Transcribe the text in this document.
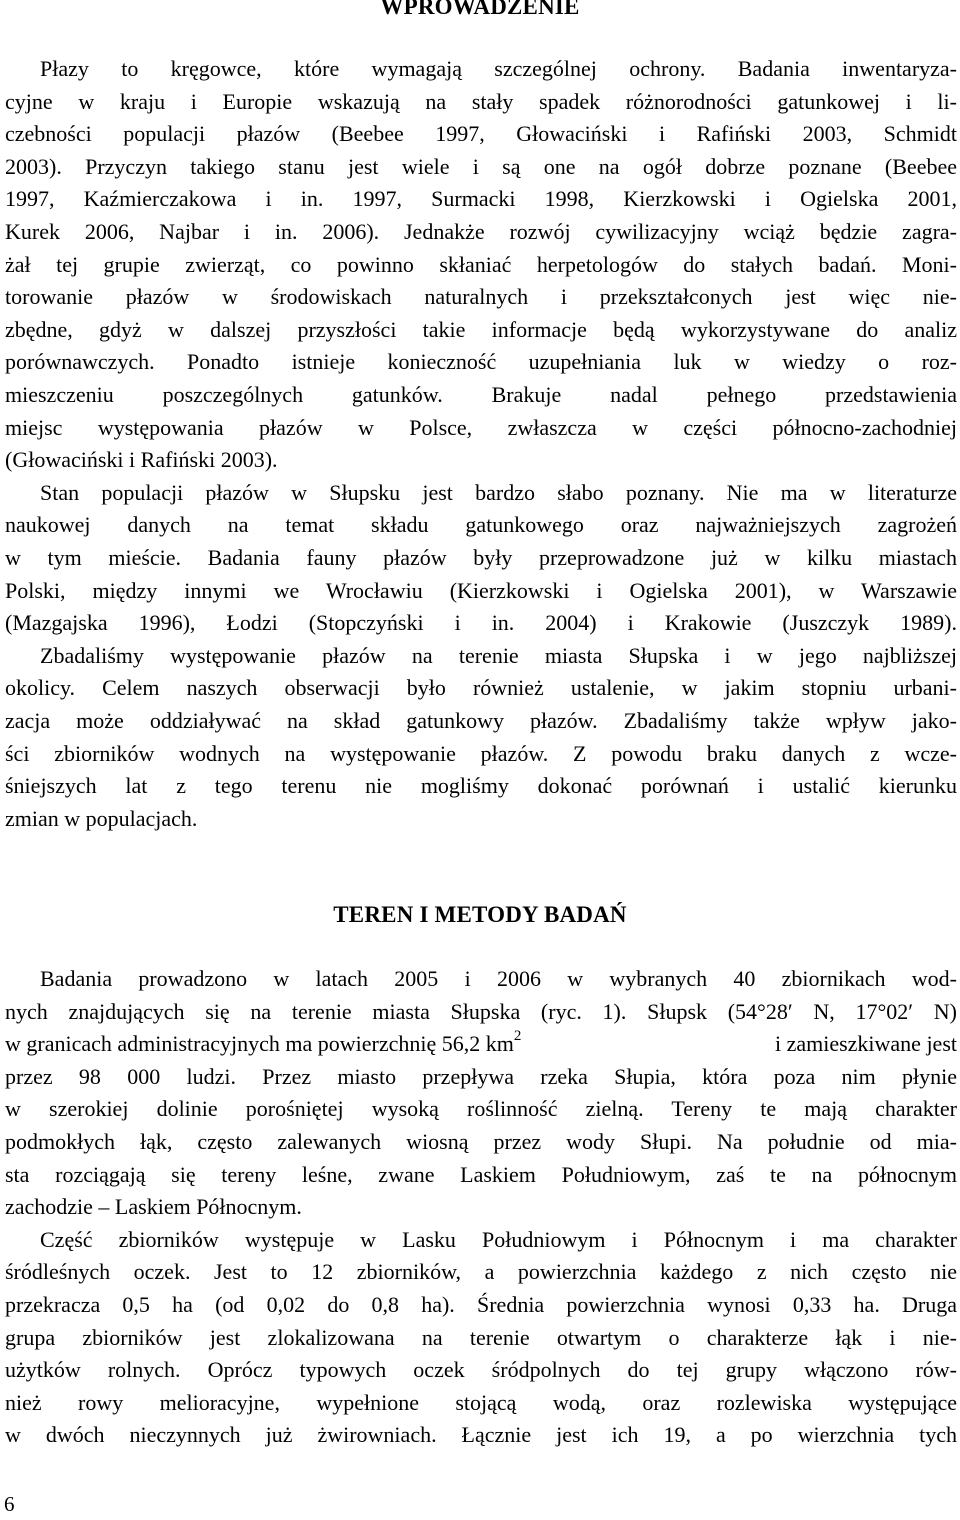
WPROWADZENIE
Płazy to kręgowce, które wymagają szczególnej ochrony. Badania inwentaryza-
cyjne w kraju i Europie wskazują na stały spadek różnorodności gatunkowej i li-
czebności populacji płazów (Beebee 1997, Głowaciński i Rafiński 2003, Schmidt
2003). Przyczyn takiego stanu jest wiele i są one na ogół dobrze poznane (Beebee
1997, Kaźmierczakowa i in. 1997, Surmacki 1998, Kierzkowski i Ogielska 2001,
Kurek 2006, Najbar i in. 2006). Jednakże rozwój cywilizacyjny wciąż będzie zagra-
żał tej grupie zwierząt, co powinno skłaniać herpetologów do stałych badań. Moni-
torowanie płazów w środowiskach naturalnych i przekształconych jest więc nie-
zbędne, gdyż w dalszej przyszłości takie informacje będą wykorzystywane do analiz
porównawczych. Ponadto istnieje konieczność uzupełniania luk w wiedzy o roz-
mieszczeniu poszczególnych gatunków. Brakuje nadal pełnego przedstawienia
miejsc występowania płazów w Polsce, zwłaszcza w części północno-zachodniej
(Głowaciński i Rafiński 2003).
Stan populacji płazów w Słupsku jest bardzo słabo poznany. Nie ma w literaturze
naukowej danych na temat składu gatunkowego oraz najważniejszych zagrożeń
w tym mieście. Badania fauny płazów były przeprowadzone już w kilku miastach
Polski, między innymi we Wrocławiu (Kierzkowski i Ogielska 2001), w Warszawie
(Mazgajska 1996), Łodzi (Stopczyński i in. 2004) i Krakowie (Juszczyk 1989).
Zbadaliśmy występowanie płazów na terenie miasta Słupska i w jego najbliższej
okolicy. Celem naszych obserwacji było również ustalenie, w jakim stopniu urbani-
zacja może oddziaływać na skład gatunkowy płazów. Zbadaliśmy także wpływ jako-
ści zbiorników wodnych na występowanie płazów. Z powodu braku danych z wcze-
śniejszych lat z tego terenu nie mogliśmy dokonać porównań i ustalić kierunku
zmian w populacjach.
TEREN I METODY BADAŃ
Badania prowadzono w latach 2005 i 2006 w wybranych 40 zbiornikach wod-
nych znajdujących się na terenie miasta Słupska (ryc. 1). Słupsk (54°28′ N, 17°02′ N)
w granicach administracyjnych ma powierzchnię 56,2 $km^2$	i zamieszkiwane jest
przez 98 000 ludzi. Przez miasto przepływa rzeka Słupia, która poza nim płynie
w szerokiej dolinie porośniętej wysoką roślinność zielną. Tereny te mają charakter
podmokłych łąk, często zalewanych wiosną przez wody Słupi. Na południe od mia-
sta rozciągają się tereny leśne, zwane Laskiem Południowym, zaś te na północnym
zachodzie – Laskiem Północnym.
Część zbiorników występuje w Lasku Południowym i Północnym i ma charakter
śródleśnych oczek. Jest to 12 zbiorników, a powierzchnia każdego z nich często nie
przekracza 0,5 ha (od 0,02 do 0,8 ha). Średnia powierzchnia wynosi 0,33 ha. Druga
grupa zbiorników jest zlokalizowana na terenie otwartym o charakterze łąk i nie-
użytków rolnych. Oprócz typowych oczek śródpolnych do tej grupy włączono rów-
nież rowy melioracyjne, wypełnione stojącą wodą, oraz rozlewiska występujące
w dwóch nieczynnych już żwirowniach. Łącznie jest ich 19, a po wierzchnia tych
6
